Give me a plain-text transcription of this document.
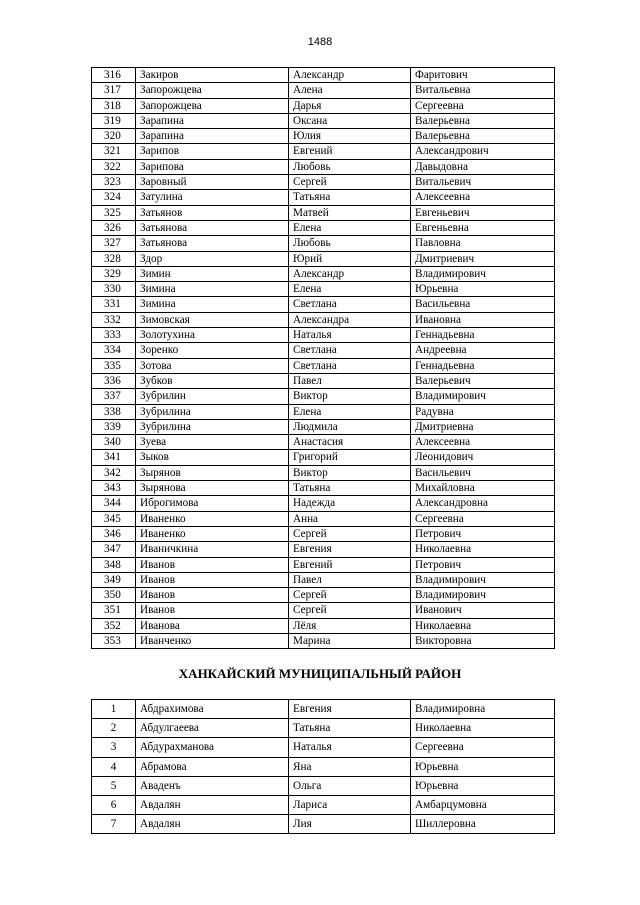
1488
316	Закиров	Александр	Фаритович
317	Запорожцева	Алена	Витальевна
318	Запорожцева	Дарья	Сергеевна
319	Зарапина	Оксана	Валерьевна
320	Зарапина	Юлия	Валерьевна
321	Зарипов	Евгений	Александрович
322	Зарипова	Любовь	Давыдовна
323	Заровный	Сергей	Витальевич
324	Затулина	Татьяна	Алексеевна
325	Затьянов	Матвей	Евгеньевич
326	Затьянова	Елена	Евгеньевна
327	Затьянова	Любовь	Павловна
328	Здор	Юрий	Дмитриевич
329	Зимин	Александр	Владимирович
330	Зимина	Елена	Юрьевна
331	Зимина	Светлана	Васильевна
332	Зимовская	Александра	Ивановна
333	Золотухина	Наталья	Геннадьевна
334	Зоренко	Светлана	Андреевна
335	Зотова	Светлана	Геннадьевна
336	Зубков	Павел	Валерьевич
337	Зубрилин	Виктор	Владимирович
338	Зубрилина	Елена	Радувна
339	Зубрилина	Людмила	Дмитриевна
340	Зуева	Анастасия	Алексеевна
341	Зыков	Григорий	Леонидович
342	Зырянов	Виктор	Васильевич
343	Зырянова	Татьяна	Михайловна
344	Иброгимова	Надежда	Александровна
345	Иваненко	Анна	Сергеевна
346	Иваненко	Сергей	Петрович
347	Иваничкина	Евгения	Николаевна
348	Иванов	Евгений	Петрович
349	Иванов	Павел	Владимирович
350	Иванов	Сергей	Владимирович
351	Иванов	Сергей	Иванович
352	Иванова	Лёля	Николаевна
353	Иванченко	Марина	Викторовна
ХАНКАЙСКИЙ МУНИЦИПАЛЬНЫЙ РАЙОН
1	Абдрахимова	Евгения	Владимировна
2	Абдулгаеева	Татьяна	Николаевна
3	Абдурахманова	Наталья	Сергеевна
4	Абрамова	Яна	Юрьевна
5	Аваденъ	Ольга	Юрьевна
6	Авдалян	Лариса	Амбарцумовна
7	Авдалян	Лия	Шиллеровна
